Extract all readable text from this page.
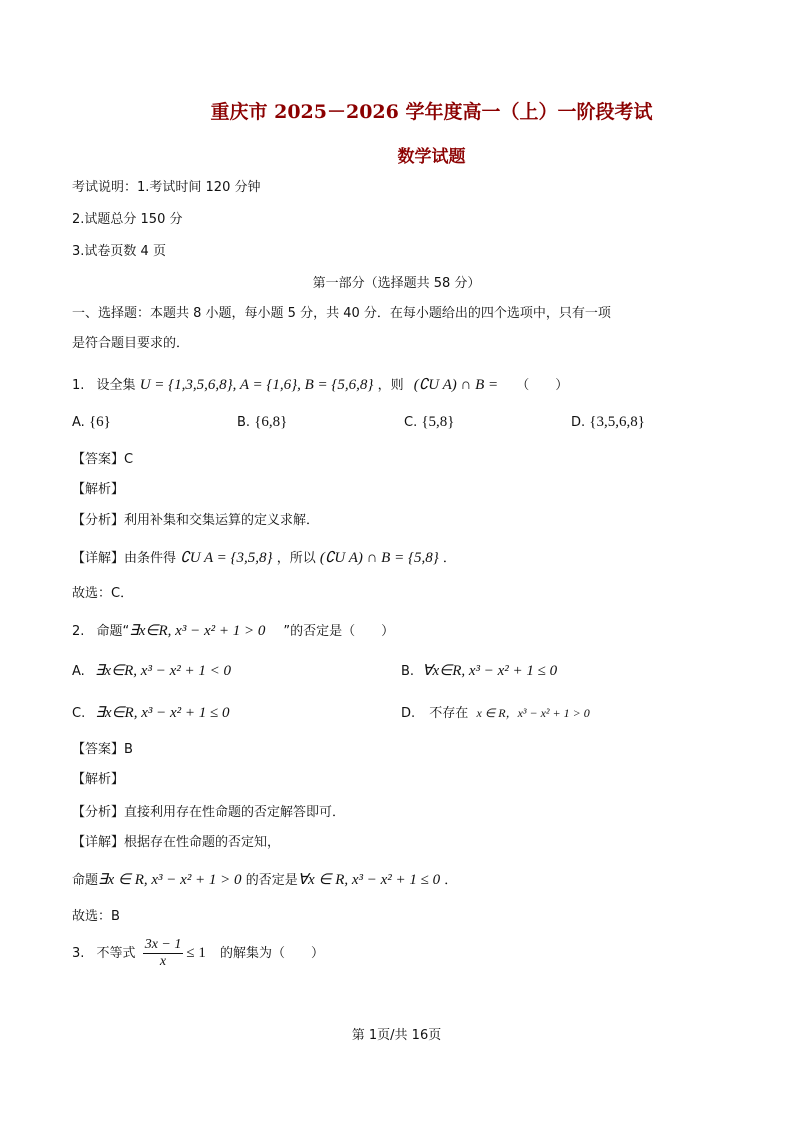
重庆市 2025－2026 学年度高一（上）一阶段考试
数学试题
考试说明：1.考试时间 120 分钟
2.试题总分 150 分
3.试卷页数 4 页
第一部分（选择题共 58 分）
一、选择题：本题共 8 小题，每小题 5 分，共 40 分．在每小题给出的四个选项中，只有一项
是符合题目要求的．
1. 设全集 U = {1,3,5,6,8}, A = {1,6}, B = {5,6,8} ，则 (∁U A) ∩ B = （　　）
A. {6}	B. {6,8}	C. {5,8}	D. {3,5,6,8}
【答案】C
【解析】
【分析】利用补集和交集运算的定义求解．
【详解】由条件得 ∁U A = {3,5,8} ，所以 (∁U A) ∩ B = {5,8} ．
故选：C．
2. 命题“∃x∈R, x³ − x² + 1 > 0 ”的否定是（　　）
A. ∃x∈R, x³ − x² + 1 < 0	B. ∀x∈R, x³ − x² + 1 ≤ 0
C. ∃x∈R, x³ − x² + 1 ≤ 0	D. 不存在 x ∈ R，x³ − x² + 1 > 0
【答案】B
【解析】
【分析】直接利用存在性命题的否定解答即可．
【详解】根据存在性命题的否定知，
命题∃x ∈ R, x³ − x² + 1 > 0 的否定是∀x ∈ R, x³ − x² + 1 ≤ 0 ．
故选：B
3. 不等式 $\frac{3x - 1}{x} \le 1$ 的解集为（　　）
第 1页/共 16页
